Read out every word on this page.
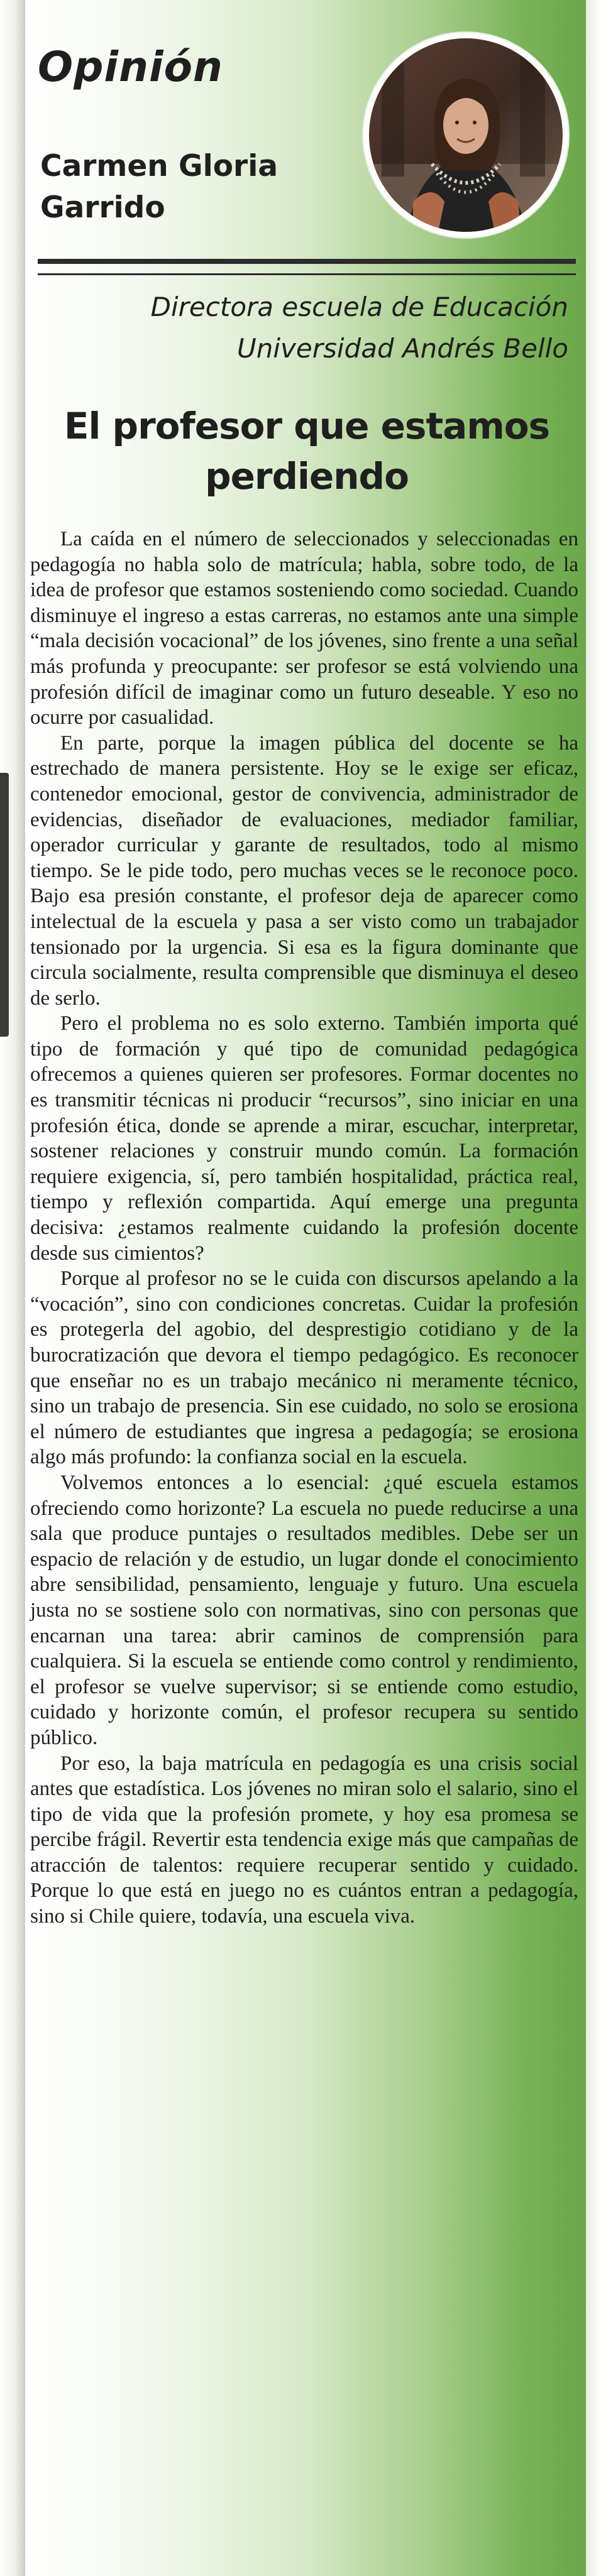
Opinión
Carmen Gloria
Garrido

Directora escuela de Educación
Universidad Andrés Bello

El profesor que estamos perdiendo

La caída en el número de seleccionados y seleccionadas en pedagogía no habla solo de matrícula; habla, sobre todo, de la idea de profesor que estamos sosteniendo como sociedad. Cuando disminuye el ingreso a estas carreras, no estamos ante una simple “mala decisión vocacional” de los jóvenes, sino frente a una señal más profunda y preocupante: ser profesor se está volviendo una profesión difícil de imaginar como un futuro deseable. Y eso no ocurre por casualidad.

En parte, porque la imagen pública del docente se ha estrechado de manera persistente. Hoy se le exige ser eficaz, contenedor emocional, gestor de convivencia, administrador de evidencias, diseñador de evaluaciones, mediador familiar, operador curricular y garante de resultados, todo al mismo tiempo. Se le pide todo, pero muchas veces se le reconoce poco. Bajo esa presión constante, el profesor deja de aparecer como intelectual de la escuela y pasa a ser visto como un trabajador tensionado por la urgencia. Si esa es la figura dominante que circula socialmente, resulta comprensible que disminuya el deseo de serlo.

Pero el problema no es solo externo. También importa qué tipo de formación y qué tipo de comunidad pedagógica ofrecemos a quienes quieren ser profesores. Formar docentes no es transmitir técnicas ni producir “recursos”, sino iniciar en una profesión ética, donde se aprende a mirar, escuchar, interpretar, sostener relaciones y construir mundo común. La formación requiere exigencia, sí, pero también hospitalidad, práctica real, tiempo y reflexión compartida. Aquí emerge una pregunta decisiva: ¿estamos realmente cuidando la profesión docente desde sus cimientos?

Porque al profesor no se le cuida con discursos apelando a la “vocación”, sino con condiciones concretas. Cuidar la profesión es protegerla del agobio, del desprestigio cotidiano y de la burocratización que devora el tiempo pedagógico. Es reconocer que enseñar no es un trabajo mecánico ni meramente técnico, sino un trabajo de presencia. Sin ese cuidado, no solo se erosiona el número de estudiantes que ingresa a pedagogía; se erosiona algo más profundo: la confianza social en la escuela.

Volvemos entonces a lo esencial: ¿qué escuela estamos ofreciendo como horizonte? La escuela no puede reducirse a una sala que produce puntajes o resultados medibles. Debe ser un espacio de relación y de estudio, un lugar donde el conocimiento abre sensibilidad, pensamiento, lenguaje y futuro. Una escuela justa no se sostiene solo con normativas, sino con personas que encarnan una tarea: abrir caminos de comprensión para cualquiera. Si la escuela se entiende como control y rendimiento, el profesor se vuelve supervisor; si se entiende como estudio, cuidado y horizonte común, el profesor recupera su sentido público.

Por eso, la baja matrícula en pedagogía es una crisis social antes que estadística. Los jóvenes no miran solo el salario, sino el tipo de vida que la profesión promete, y hoy esa promesa se percibe frágil. Revertir esta tendencia exige más que campañas de atracción de talentos: requiere recuperar sentido y cuidado. Porque lo que está en juego no es cuántos entran a pedagogía, sino si Chile quiere, todavía, una escuela viva.
